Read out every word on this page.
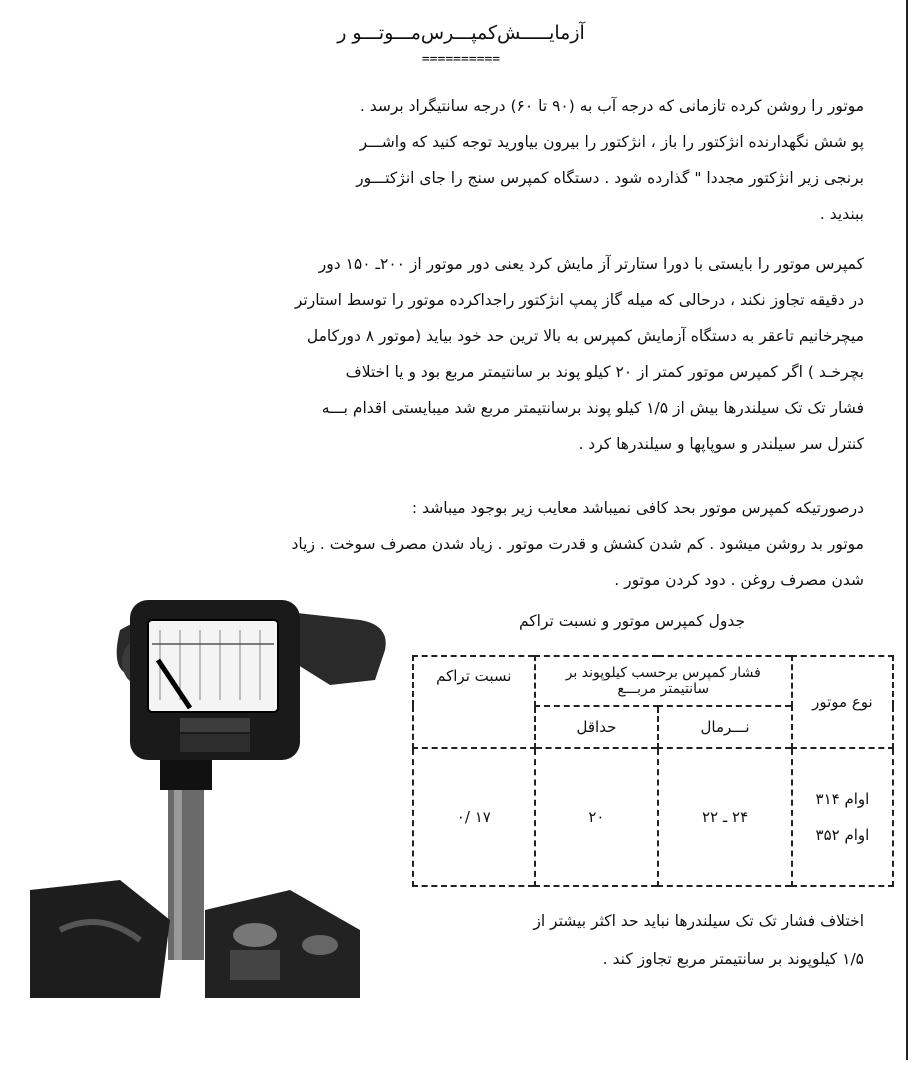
آزمایـــــش‌کمپـــرس‌مـــوتـــو ر
==========
موتور را روشن کرده تازمانی که درجه آب به (۹۰ تا ۶۰) درجه سانتیگراد برسد .
پو شش نگهدارنده انژکتور را باز ، انژکتور را بیرون بیاورید توجه کنید که واشـــر
برنجی زیر انژکتور مجددا " گذارده شود . دستگاه کمپرس سنج را جای انژکتـــور
ببندید .
کمپرس موتور را بایستی با دورا ستارتر آز مایش کرد یعنی دور موتور از ۲۰۰ـ ۱۵۰ دور
در دقیقه تجاوز نکند ، درحالی که میله گاز پمپ انژکتور راجداکرده موتور را توسط استارتر
میچرخانیم تاعقر به دستگاه آزمایش کمپرس به بالا ترین حد خود بیاید (موتور ۸ دورکامل
بچرخـد ) اگر کمپرس موتور کمتر از ۲۰ کیلو پوند بر سانتیمتر مربع بود و یا اختلاف
فشار تک تک سیلندرها بیش از ۱/۵ کیلو پوند برسانتیمتر مربع شد میبایستی اقدام بـــه
کنترل سر سیلندر و سوپاپها و سیلندرها کرد .
درصورتیکه کمپرس موتور بحد کافی نمیباشد معایب زیر بوجود میباشد :
موتور بد روشن میشود . کم شدن کشش و قدرت موتور . زیاد شدن مصرف سوخت . زیاد
شدن مصرف روغن . دود کردن موتور .
جدول کمپرس موتور و نسبت تراکم
نوع موتور	فشار کمپرس برحسب کیلوپوند بر سانتیمتر مربـــع		نسبت تراکم
	نـــرمال	حداقل	

اوام ۳۱۴
اوام ۳۵۲	۲۴ ـ ۲۲	۲۰	۱۷ /۰
اختلاف فشار تک تک سیلندرها نباید حد اکثر بیشتر از
۱/۵ کیلوپوند بر سانتیمتر مربع تجاوز کند .
